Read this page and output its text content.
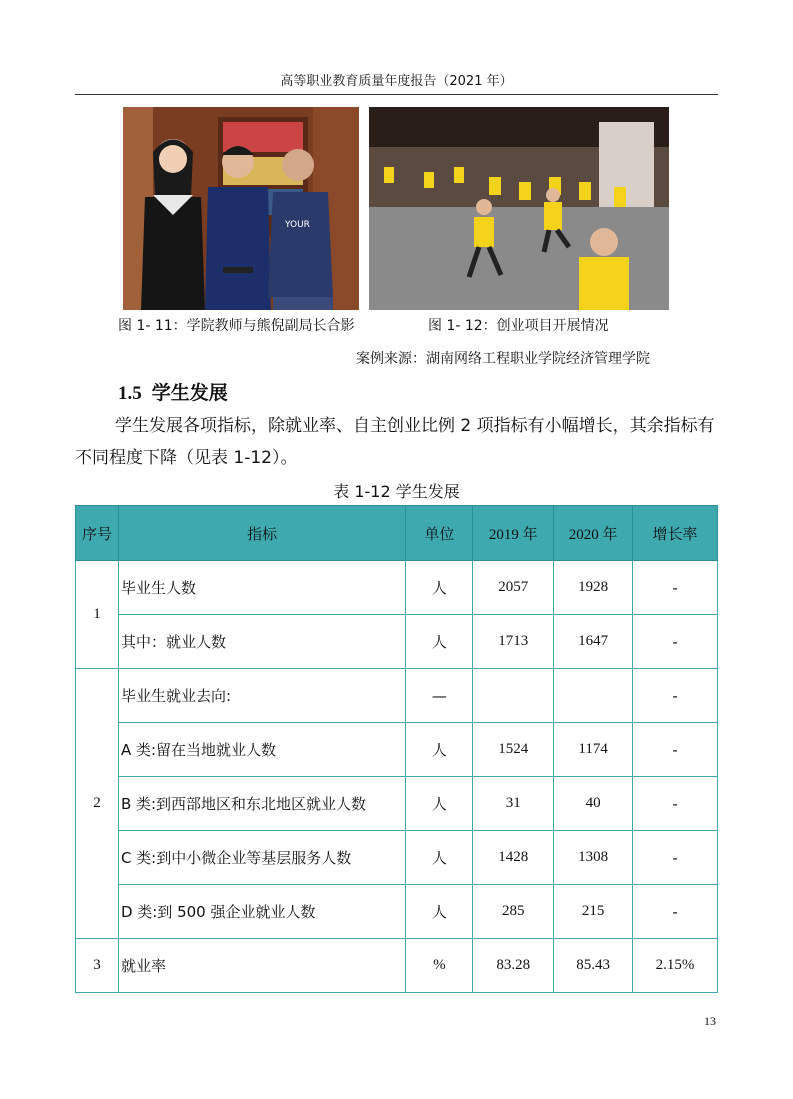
高等职业教育质量年度报告（2021 年）
YOUR
图 1- 11：学院教师与熊倪副局长合影	图 1- 12：创业项目开展情况
案例来源：湖南网络工程职业学院经济管理学院
1.5 学生发展
学生发展各项指标，除就业率、自主创业比例 2 项指标有小幅增长，其余指标有不同程度下降（见表 1-12）。
表 1-12 学生发展
序号	指标	单位	2019 年	2020 年	增长率
1	毕业生人数	人	2057	1928	-
	其中：就业人数	人	1713	1647	-
2	毕业生就业去向:	—			-
	A 类:留在当地就业人数	人	1524	1174	-
	B 类:到西部地区和东北地区就业人数	人	31	40	-
	C 类:到中小微企业等基层服务人数	人	1428	1308	-
	D 类:到 500 强企业就业人数	人	285	215	-
3	就业率	%	83.28	85.43	2.15%
13
